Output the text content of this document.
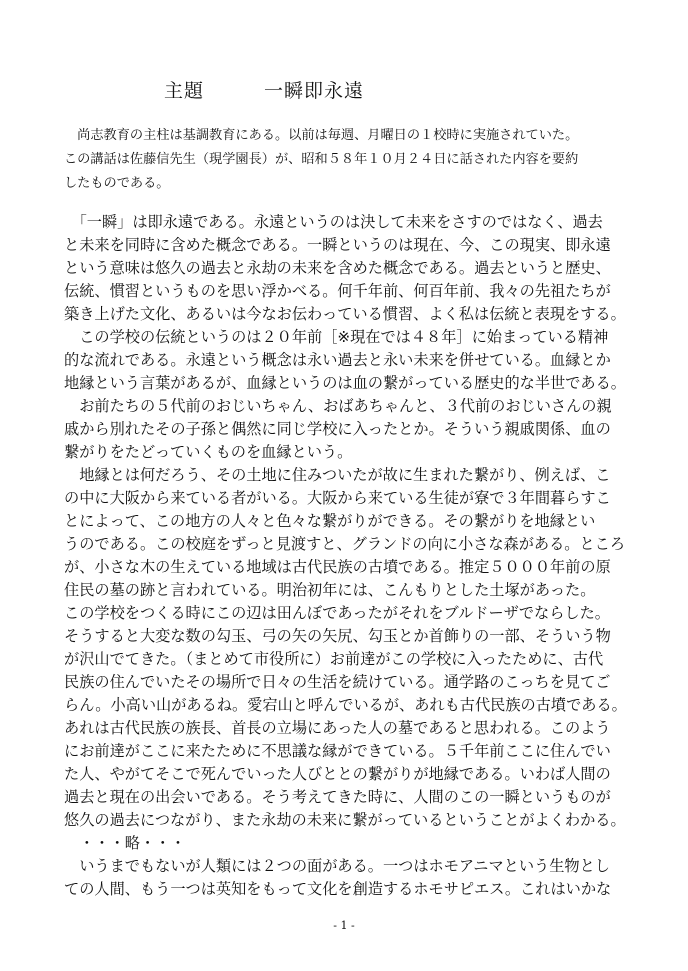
主題　　　一瞬即永遠
　尚志教育の主柱は基調教育にある。以前は毎週、月曜日の１校時に実施されていた。
この講話は佐藤信先生（現学園長）が、昭和５８年１０月２４日に話された内容を要約
したものである。
　「一瞬」は即永遠である。永遠というのは決して未来をさすのではなく、過去
と未来を同時に含めた概念である。一瞬というのは現在、今、この現実、即永遠
という意味は悠久の過去と永劫の未来を含めた概念である。過去というと歴史、
伝統、慣習というものを思い浮かべる。何千年前、何百年前、我々の先祖たちが
築き上げた文化、あるいは今なお伝わっている慣習、よく私は伝統と表現をする。
　この学校の伝統というのは２０年前［※現在では４８年］に始まっている精神
的な流れである。永遠という概念は永い過去と永い未来を併せている。血縁とか
地縁という言葉があるが、血縁というのは血の繋がっている歴史的な半世である。
　お前たちの５代前のおじいちゃん、おばあちゃんと、３代前のおじいさんの親
戚から別れたその子孫と偶然に同じ学校に入ったとか。そういう親戚関係、血の
繋がりをたどっていくものを血縁という。
　地縁とは何だろう、その土地に住みついたが故に生まれた繋がり、例えば、こ
の中に大阪から来ている者がいる。大阪から来ている生徒が寮で３年間暮らすこ
とによって、この地方の人々と色々な繋がりができる。その繋がりを地縁とい
うのである。この校庭をずっと見渡すと、グランドの向に小さな森がある。ところ
が、小さな木の生えている地域は古代民族の古墳である。推定５０００年前の原
住民の墓の跡と言われている。明治初年には、こんもりとした土塚があった。
この学校をつくる時にこの辺は田んぼであったがそれをブルドーザでならした。
そうすると大変な数の勾玉、弓の矢の矢尻、勾玉とか首飾りの一部、そういう物
が沢山でてきた。（まとめて市役所に）お前達がこの学校に入ったために、古代
民族の住んでいたその場所で日々の生活を続けている。通学路のこっちを見てご
らん。小高い山があるね。愛宕山と呼んでいるが、あれも古代民族の古墳である。
あれは古代民族の族長、首長の立場にあった人の墓であると思われる。このよう
にお前達がここに来たために不思議な縁ができている。５千年前ここに住んでい
た人、やがてそこで死んでいった人びととの繋がりが地縁である。いわば人間の
過去と現在の出会いである。そう考えてきた時に、人間のこの一瞬というものが
悠久の過去につながり、また永劫の未来に繋がっているということがよくわかる。
　・・・略・・・
　いうまでもないが人類には２つの面がある。一つはホモアニマという生物とし
ての人間、もう一つは英知をもって文化を創造するホモサピエス。これはいかな
- 1 -
